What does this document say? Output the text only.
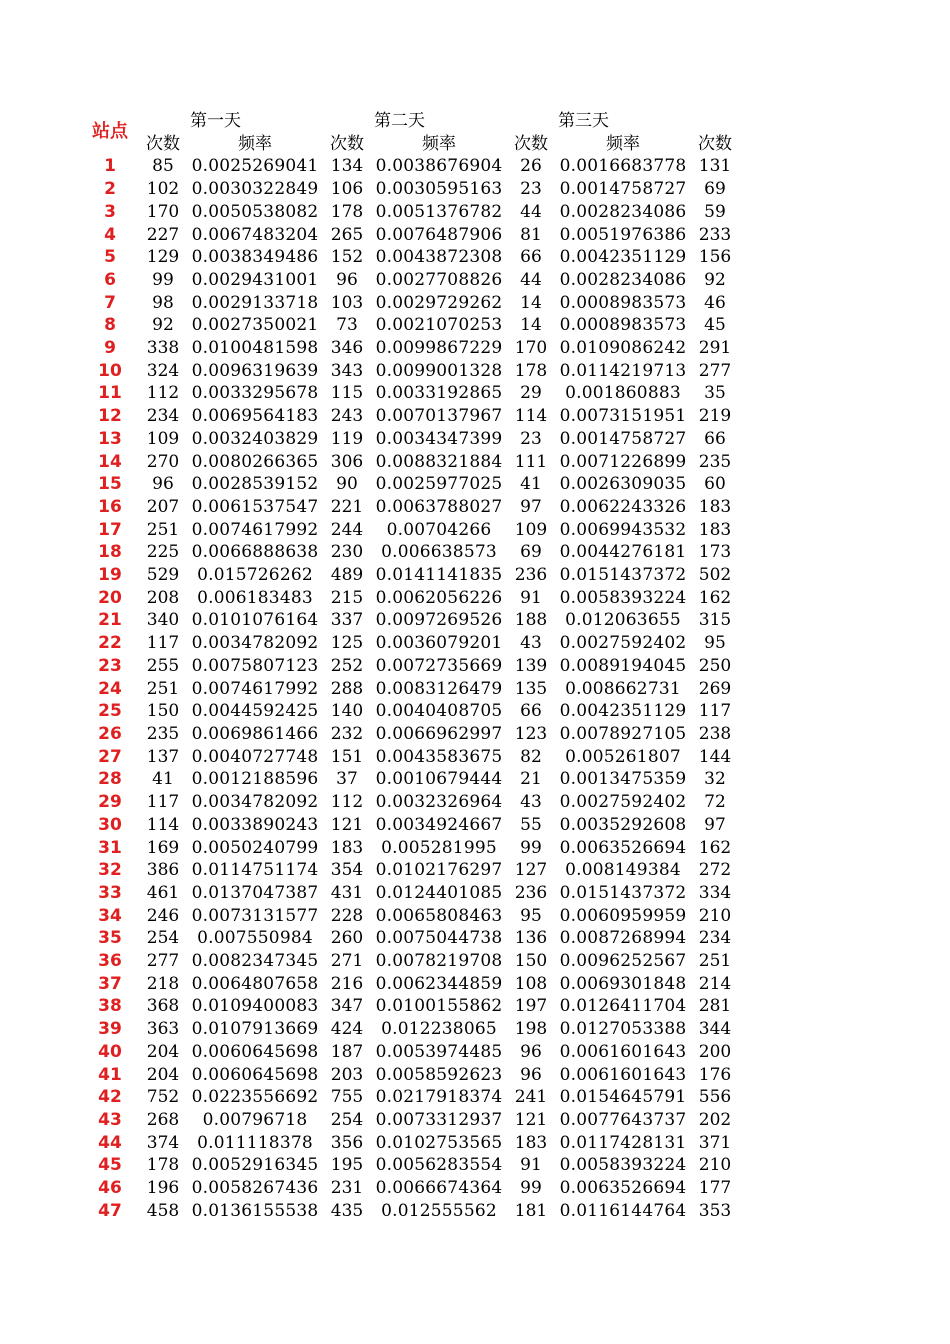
站点		第一天		第二天		第三天	
	次数	频率	次数	频率	次数	频率	次数
1	85	0.0025269041	134	0.0038676904	26	0.0016683778	131
2	102	0.0030322849	106	0.0030595163	23	0.0014758727	69
3	170	0.0050538082	178	0.0051376782	44	0.0028234086	59
4	227	0.0067483204	265	0.0076487906	81	0.0051976386	233
5	129	0.0038349486	152	0.0043872308	66	0.0042351129	156
6	99	0.0029431001	96	0.0027708826	44	0.0028234086	92
7	98	0.0029133718	103	0.0029729262	14	0.0008983573	46
8	92	0.0027350021	73	0.0021070253	14	0.0008983573	45
9	338	0.0100481598	346	0.0099867229	170	0.0109086242	291
10	324	0.0096319639	343	0.0099001328	178	0.0114219713	277
11	112	0.0033295678	115	0.0033192865	29	0.001860883	35
12	234	0.0069564183	243	0.0070137967	114	0.0073151951	219
13	109	0.0032403829	119	0.0034347399	23	0.0014758727	66
14	270	0.0080266365	306	0.0088321884	111	0.0071226899	235
15	96	0.0028539152	90	0.0025977025	41	0.0026309035	60
16	207	0.0061537547	221	0.0063788027	97	0.0062243326	183
17	251	0.0074617992	244	0.00704266	109	0.0069943532	183
18	225	0.0066888638	230	0.006638573	69	0.0044276181	173
19	529	0.015726262	489	0.0141141835	236	0.0151437372	502
20	208	0.006183483	215	0.0062056226	91	0.0058393224	162
21	340	0.0101076164	337	0.0097269526	188	0.012063655	315
22	117	0.0034782092	125	0.0036079201	43	0.0027592402	95
23	255	0.0075807123	252	0.0072735669	139	0.0089194045	250
24	251	0.0074617992	288	0.0083126479	135	0.008662731	269
25	150	0.0044592425	140	0.0040408705	66	0.0042351129	117
26	235	0.0069861466	232	0.0066962997	123	0.0078927105	238
27	137	0.0040727748	151	0.0043583675	82	0.005261807	144
28	41	0.0012188596	37	0.0010679444	21	0.0013475359	32
29	117	0.0034782092	112	0.0032326964	43	0.0027592402	72
30	114	0.0033890243	121	0.0034924667	55	0.0035292608	97
31	169	0.0050240799	183	0.005281995	99	0.0063526694	162
32	386	0.0114751174	354	0.0102176297	127	0.008149384	272
33	461	0.0137047387	431	0.0124401085	236	0.0151437372	334
34	246	0.0073131577	228	0.0065808463	95	0.0060959959	210
35	254	0.007550984	260	0.0075044738	136	0.0087268994	234
36	277	0.0082347345	271	0.0078219708	150	0.0096252567	251
37	218	0.0064807658	216	0.0062344859	108	0.0069301848	214
38	368	0.0109400083	347	0.0100155862	197	0.0126411704	281
39	363	0.0107913669	424	0.012238065	198	0.0127053388	344
40	204	0.0060645698	187	0.0053974485	96	0.0061601643	200
41	204	0.0060645698	203	0.0058592623	96	0.0061601643	176
42	752	0.0223556692	755	0.0217918374	241	0.0154645791	556
43	268	0.00796718	254	0.0073312937	121	0.0077643737	202
44	374	0.011118378	356	0.0102753565	183	0.0117428131	371
45	178	0.0052916345	195	0.0056283554	91	0.0058393224	210
46	196	0.0058267436	231	0.0066674364	99	0.0063526694	177
47	458	0.0136155538	435	0.012555562	181	0.0116144764	353
